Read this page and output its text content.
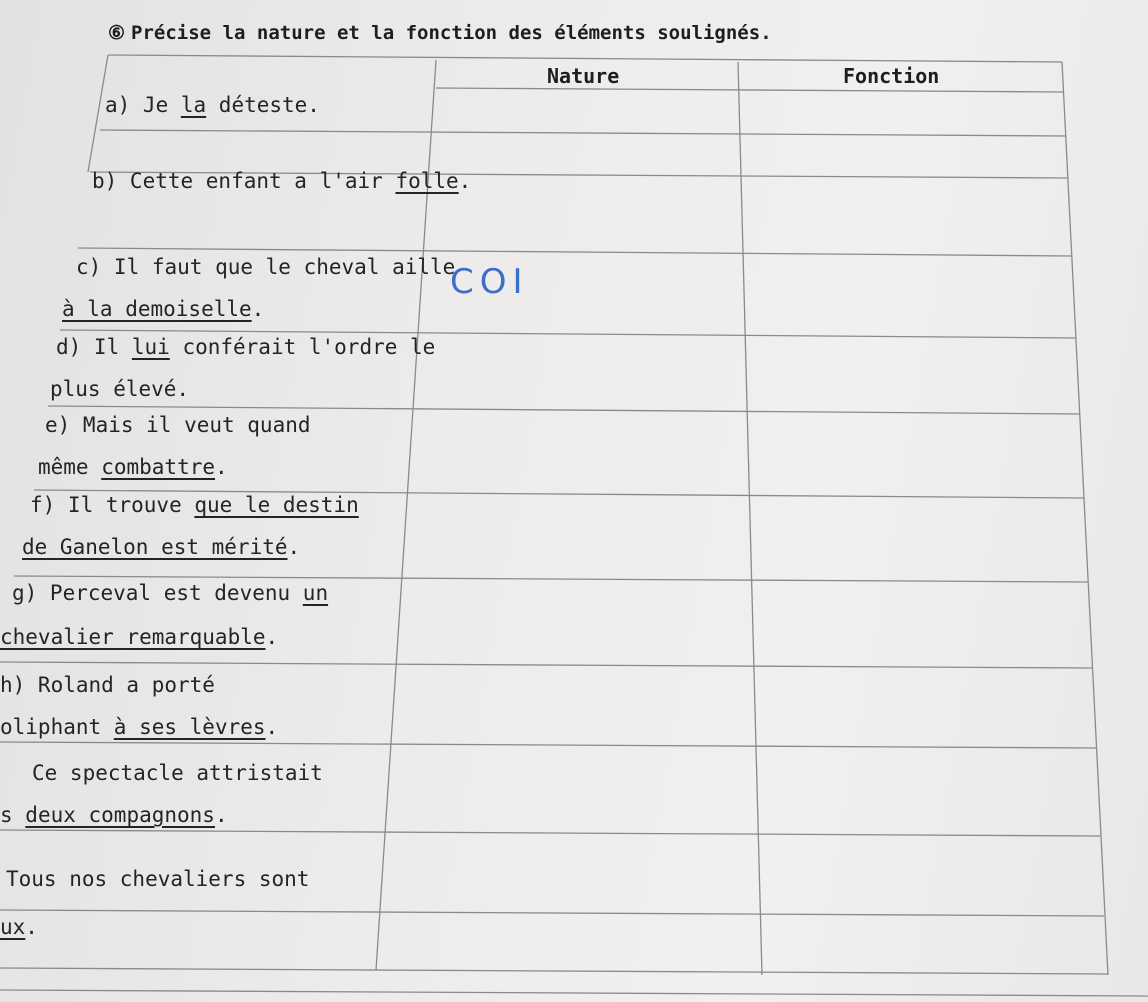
⑥ Précise la nature et la fonction des éléments soulignés.

Nature	Fonction

a) Je la déteste.

b) Cette enfant a l'air folle.

c) Il faut que le cheval aille

à la demoiselle.

d) Il lui conférait l'ordre le

plus élevé.

e) Mais il veut quand

même combattre.

f) Il trouve que le destin

de Ganelon est mérité.

g) Perceval est devenu un

chevalier remarquable.

h) Roland a porté

oliphant à ses lèvres.

Ce spectacle attristait

s deux compagnons.

Tous nos chevaliers sont

ux.

COI
